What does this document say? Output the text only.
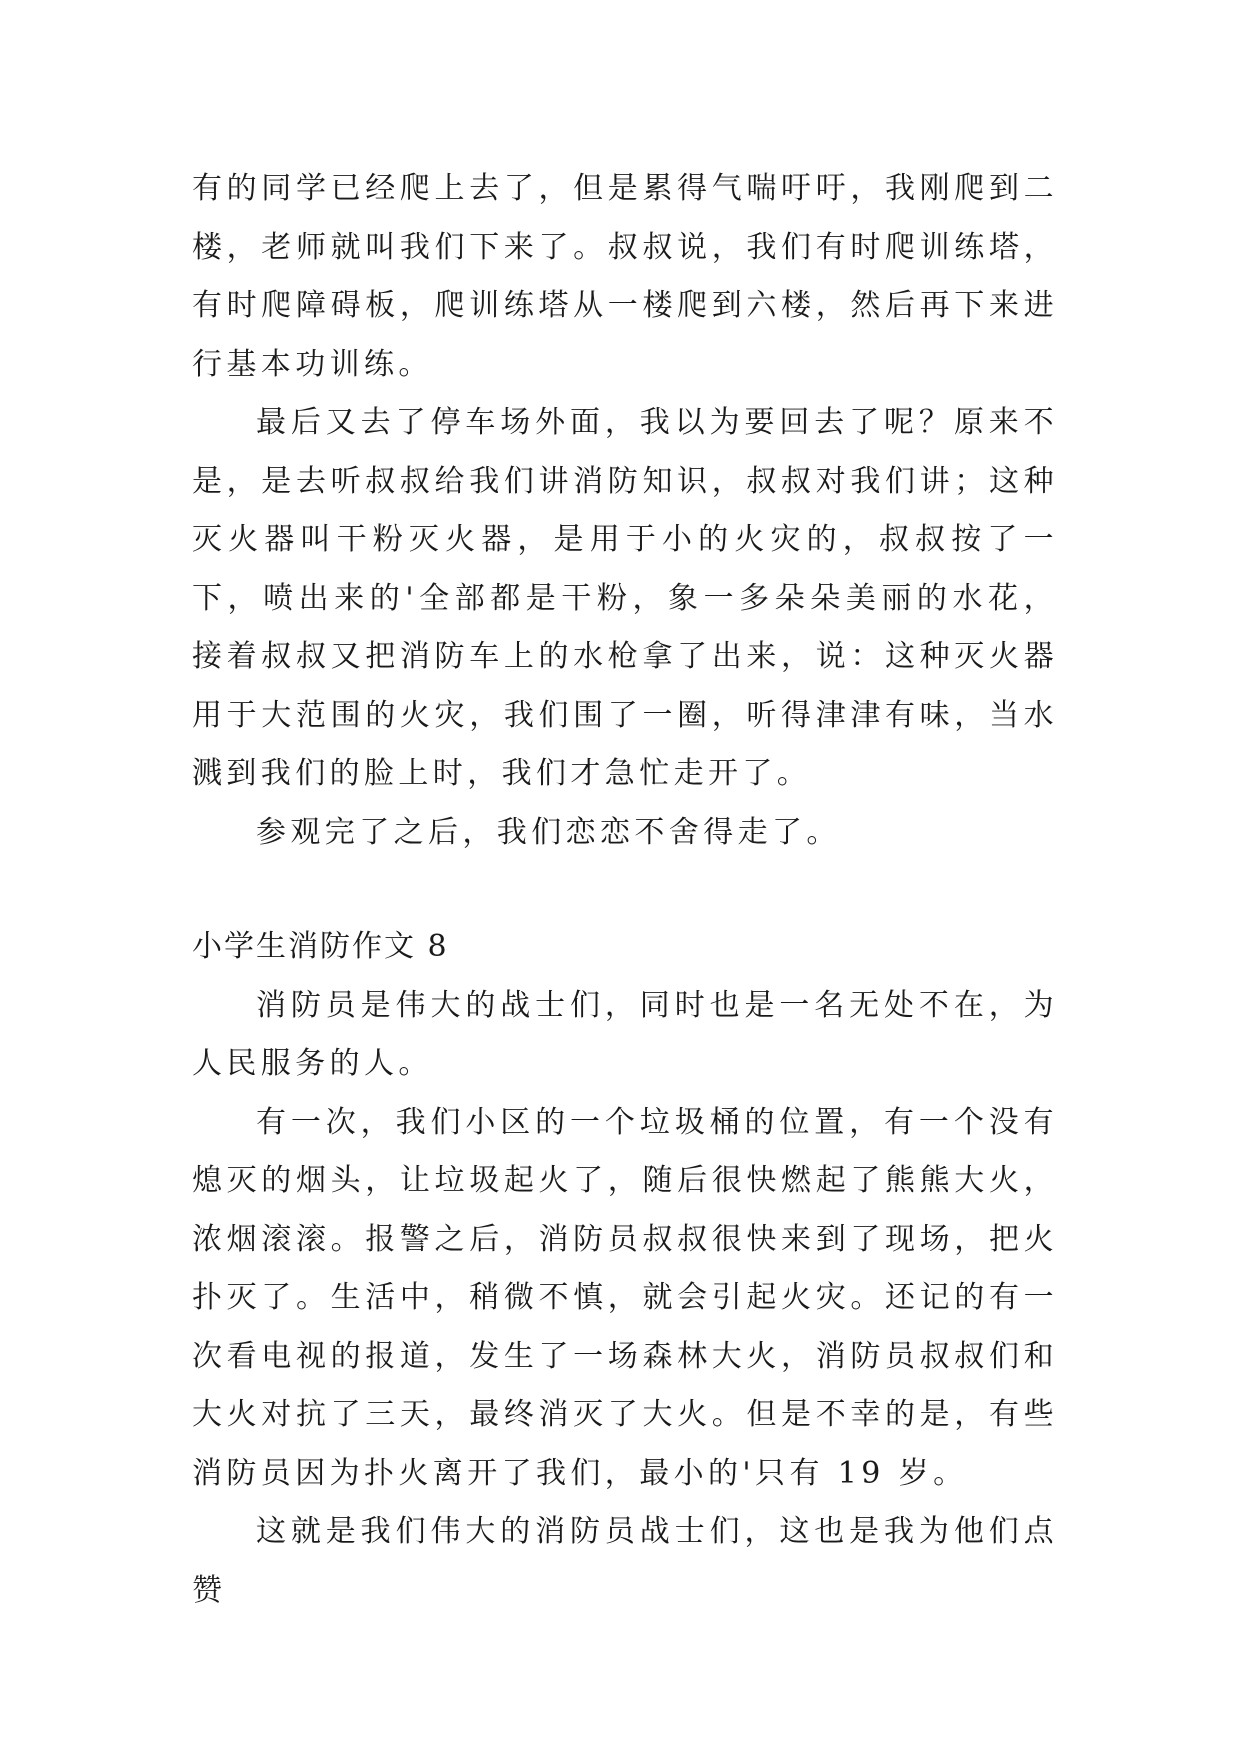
有的同学已经爬上去了，但是累得气喘吁吁，我刚爬到二楼，老师就叫我们下来了。叔叔说，我们有时爬训练塔，有时爬障碍板，爬训练塔从一楼爬到六楼，然后再下来进行基本功训练。

最后又去了停车场外面，我以为要回去了呢？原来不是，是去听叔叔给我们讲消防知识，叔叔对我们讲；这种灭火器叫干粉灭火器，是用于小的火灾的，叔叔按了一下，喷出来的'全部都是干粉，象一多朵朵美丽的水花，接着叔叔又把消防车上的水枪拿了出来，说：这种灭火器用于大范围的火灾，我们围了一圈，听得津津有味，当水溅到我们的脸上时，我们才急忙走开了。

参观完了之后，我们恋恋不舍得走了。

小学生消防作文 8

消防员是伟大的战士们，同时也是一名无处不在，为人民服务的人。

有一次，我们小区的一个垃圾桶的位置，有一个没有熄灭的烟头，让垃圾起火了，随后很快燃起了熊熊大火，浓烟滚滚。报警之后，消防员叔叔很快来到了现场，把火扑灭了。生活中，稍微不慎，就会引起火灾。还记的有一次看电视的报道，发生了一场森林大火，消防员叔叔们和大火对抗了三天，最终消灭了大火。但是不幸的是，有些消防员因为扑火离开了我们，最小的'只有 19 岁。

这就是我们伟大的消防员战士们，这也是我为他们点赞
